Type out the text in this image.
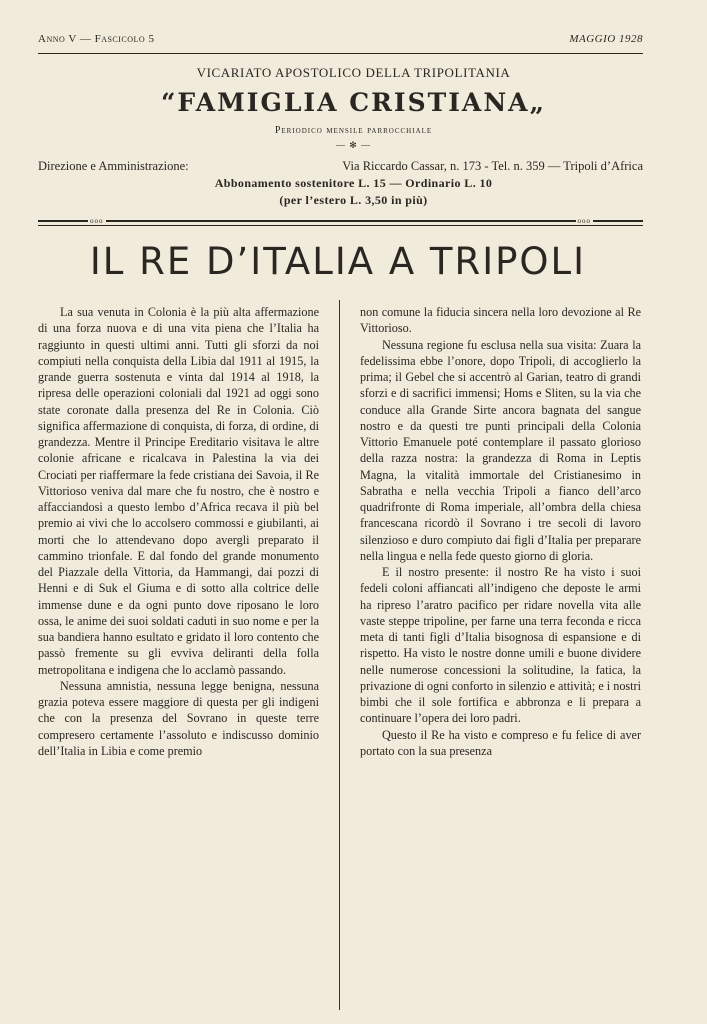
Anno V — Fascicolo 5	MAGGIO 1928
VICARIATO APOSTOLICO DELLA TRIPOLITANIA
“FAMIGLIA CRISTIANA„
Periodico mensile parrocchiale
— ✻ —
Direzione e Amministrazione:	Via Riccardo Cassar, n. 173 - Tel. n. 359 — Tripoli d’Africa
Abbonamento sostenitore L. 15 — Ordinario L. 10
(per l’estero L. 3,50 in più)
ooo	ooo
IL RE D’ITALIA A TRIPOLI

La sua venuta in Colonia è la più alta affermazione di una forza nuova e di una vita piena che l’Italia ha raggiunto in questi ultimi anni. Tutti gli sforzi da noi compiuti nella conquista della Libia dal 1911 al 1915, la grande guerra sostenuta e vinta dal 1914 al 1918, la ripresa delle operazioni coloniali dal 1921 ad oggi sono state coronate dalla presenza del Re in Colonia. Ciò significa affermazione di conquista, di forza, di ordine, di grandezza. Mentre il Principe Ereditario visitava le altre colonie africane e ricalcava in Palestina la via dei Crociati per riaffermare la fede cristiana dei Savoia, il Re Vittorioso veniva dal mare che fu nostro, che è nostro e affacciandosi a questo lembo d’Africa recava il più bel premio ai vivi che lo accolsero commossi e giubilanti, ai morti che lo attendevano dopo avergli preparato il cammino trionfale. E dal fondo del grande monumento del Piazzale della Vittoria, da Hammangi, dai pozzi di Henni e di Suk el Giuma e di sotto alla coltrice delle immense dune e da ogni punto dove riposano le loro ossa, le anime dei suoi soldati caduti in suo nome e per la sua bandiera hanno esultato e gridato il loro contento che passò fremente su gli evviva deliranti della folla metropolitana e indigena che lo acclamò passando.

Nessuna amnistia, nessuna legge benigna, nessuna grazia poteva essere maggiore di questa per gli indigeni che con la presenza del Sovrano in queste terre compresero certamente l’assoluto e indiscusso dominio dell’Italia in Libia e come premio

non comune la fiducia sincera nella loro devozione al Re Vittorioso.

Nessuna regione fu esclusa nella sua visita: Zuara la fedelissima ebbe l’onore, dopo Tripoli, di accoglierlo la prima; il Gebel che si accentrò al Garian, teatro di grandi sforzi e di sacrifici immensi; Homs e Sliten, su la via che conduce alla Grande Sirte ancora bagnata del sangue nostro e da questi tre punti principali della Colonia Vittorio Emanuele poté contemplare il passato glorioso della razza nostra: la grandezza di Roma in Leptis Magna, la vitalità immortale del Cristianesimo in Sabratha e nella vecchia Tripoli a fianco dell’arco quadrifronte di Roma imperiale, all’ombra della chiesa francescana ricordò il Sovrano i tre secoli di lavoro silenzioso e duro compiuto dai figli d’Italia per preparare nella lingua e nella fede questo giorno di gloria.

E il nostro presente: il nostro Re ha visto i suoi fedeli coloni affiancati all’indigeno che deposte le armi ha ripreso l’aratro pacifico per ridare novella vita alle vaste steppe tripoline, per farne una terra feconda e ricca meta di tanti figli d’Italia bisognosa di espansione e di rispetto. Ha visto le nostre donne umili e buone dividere nelle numerose concessioni la solitudine, la fatica, la privazione di ogni conforto in silenzio e attività; e i nostri bimbi che il sole fortifica e abbronza e li prepara a continuare l’opera dei loro padri.

Questo il Re ha visto e compreso e fu felice di aver portato con la sua presenza
